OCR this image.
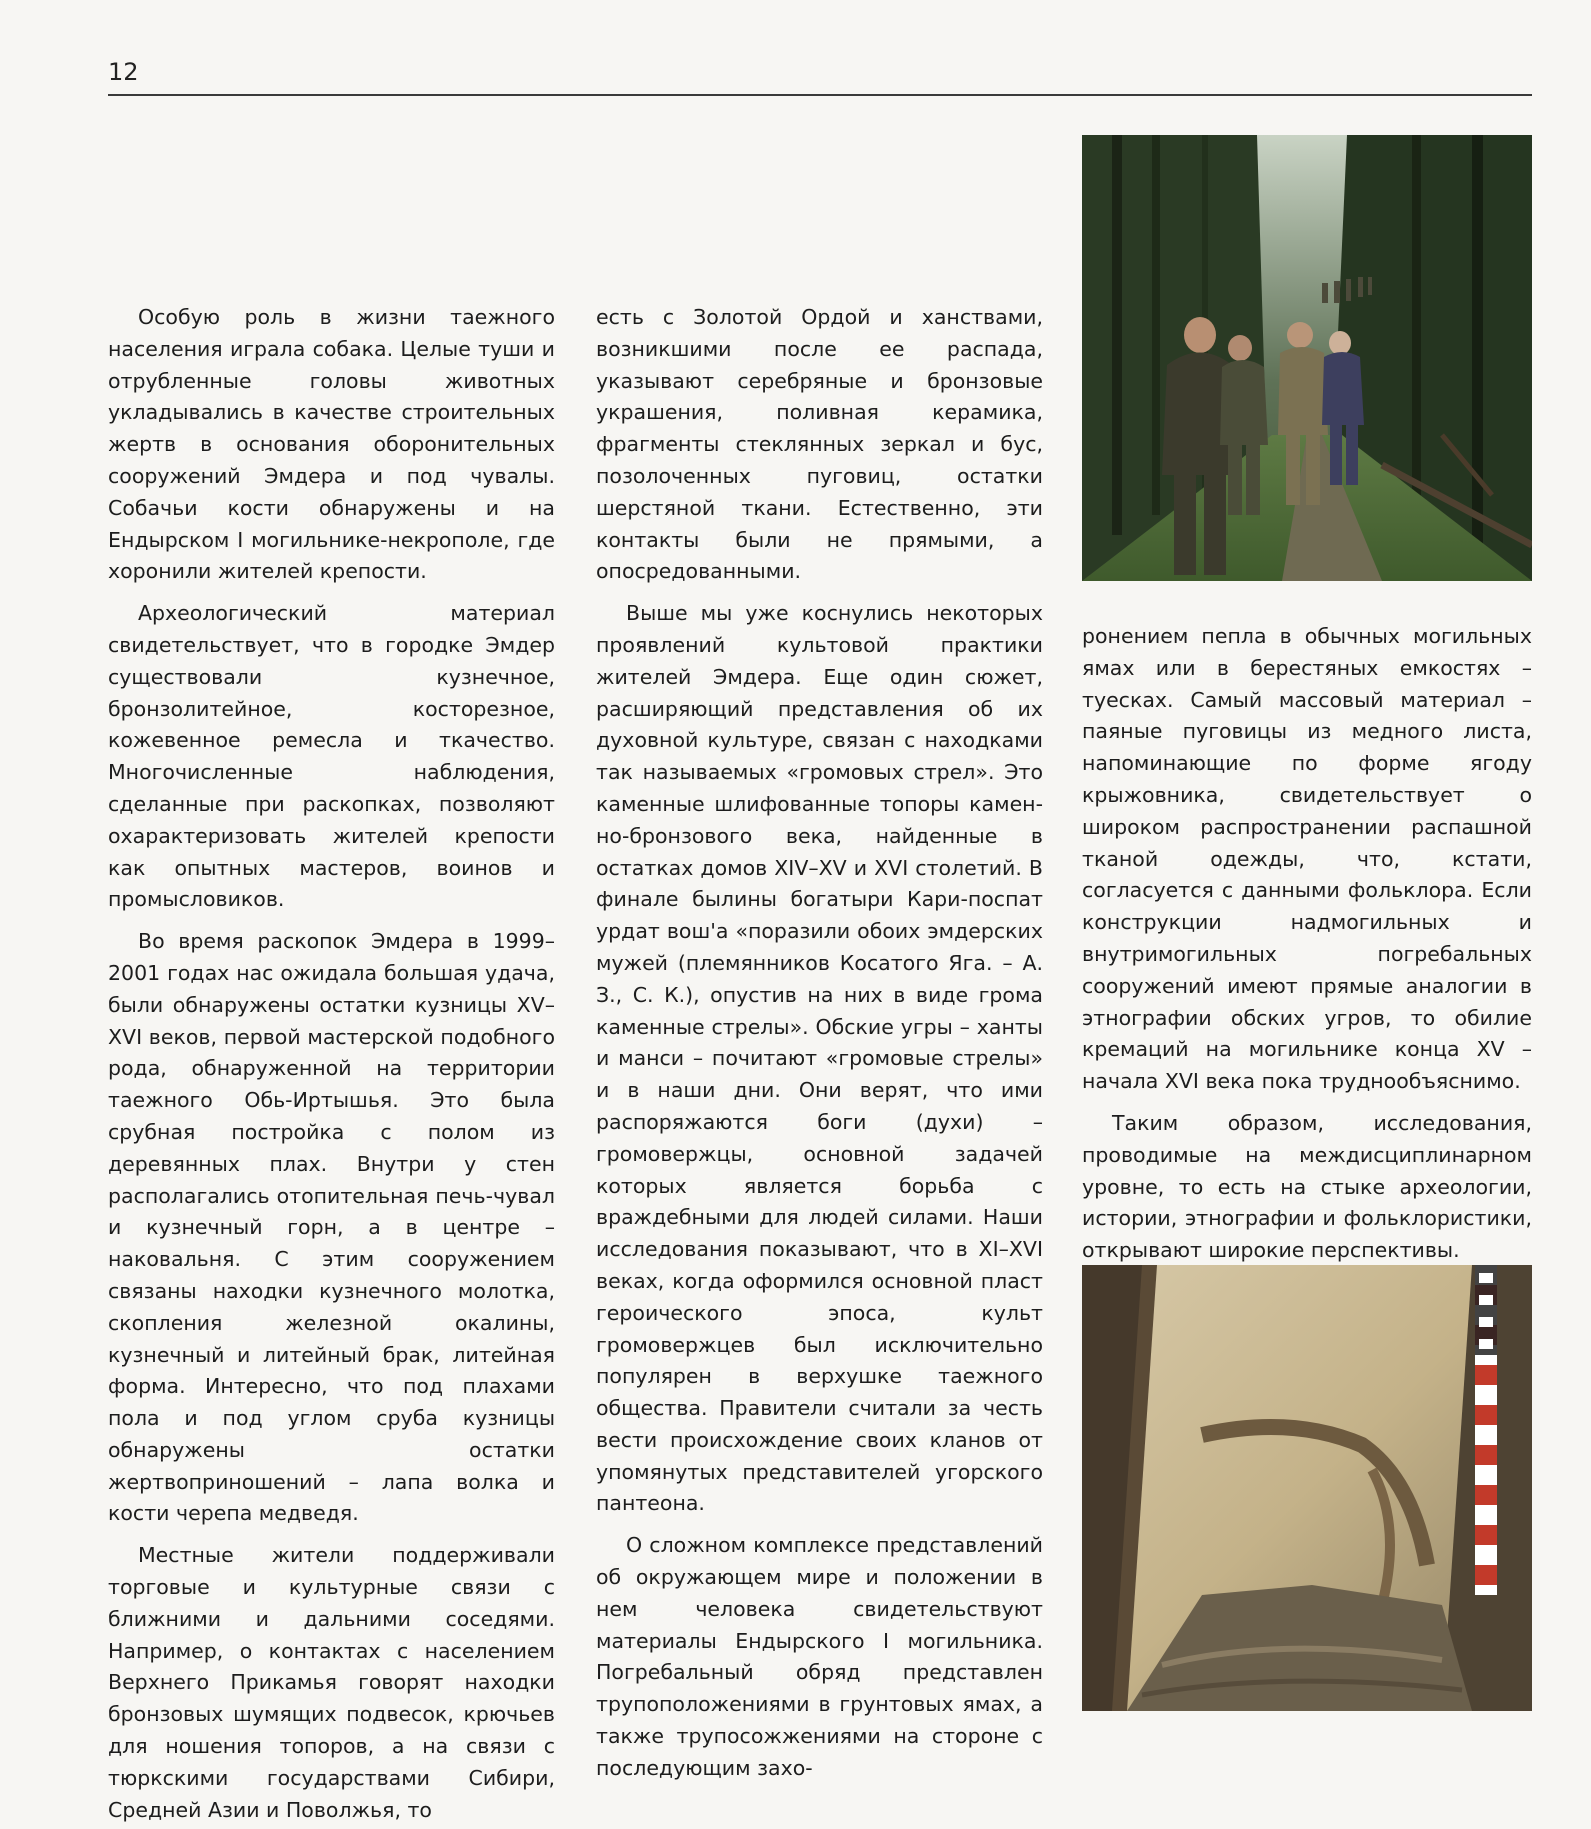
12

Особую роль в жизни таежного населения играла собака. Целые туши и отрубленные головы животных укладывались в качестве строительных жертв в основания оборонительных сооружений Эмдера и под чувалы. Собачьи кости обнаружены и на Ендырском I могильнике-некрополе, где хоронили жителей крепости.

Археологический материал свидетельствует, что в городке Эмдер существовали кузнечное, бронзолитейное, косторезное, кожевенное ремесла и ткачество. Многочисленные наблюдения, сделанные при раскопках, позволяют охарактеризовать жителей крепости как опытных мастеров, воинов и промысловиков.

Во время раскопок Эмдера в 1999–2001 годах нас ожидала большая удача, были обнаружены остатки кузницы XV–XVI веков, первой мастерской подобного рода, обнаруженной на территории таежного Обь-Иртышья. Это была срубная постройка с полом из деревянных плах. Внутри у стен располагались отопительная печь-чувал и кузнечный горн, а в центре – наковальня. С этим сооружением связаны находки кузнечного молотка, скопления железной окалины, кузнечный и литейный брак, литейная форма. Интересно, что под плахами пола и под углом сруба кузницы обнаружены остатки жертвоприношений – лапа волка и кости черепа медведя.

Местные жители поддерживали торговые и культурные связи с ближними и дальними соседями. Например, о контактах с населением Верхнего Прикамья говорят находки бронзовых шумящих подвесок, крючьев для ношения топоров, а на связи с тюркскими государствами Сибири, Средней Азии и Поволжья, то

есть с Золотой Ордой и ханствами, возникшими после ее распада, указывают серебряные и бронзовые украшения, поливная керамика, фрагменты стеклянных зеркал и бус, позолоченных пуговиц, остатки шерстяной ткани. Естественно, эти контакты были не прямыми, а опосредованными.

Выше мы уже коснулись некоторых проявлений культовой практики жителей Эмдера. Еще один сюжет, расширяющий представления об их духовной культуре, связан с находками так называемых «громовых стрел». Это каменные шлифованные топоры каменно-бронзового века, найденные в остатках домов XIV–XV и XVI столетий. В финале былины богатыри Кари-поспат урдат вош'а «поразили обоих эмдерских мужей (племянников Косатого Яга. – А. З., С. К.), опустив на них в виде грома каменные стрелы». Обские угры – ханты и манси – почитают «громовые стрелы» и в наши дни. Они верят, что ими распоряжаются боги (духи) – громовержцы, основной задачей которых является борьба с враждебными для людей силами. Наши исследования показывают, что в XI–XVI веках, когда оформился основной пласт героического эпоса, культ громовержцев был исключительно популярен в верхушке таежного общества. Правители считали за честь вести происхождение своих кланов от упомянутых представителей угорского пантеона.

О сложном комплексе представлений об окружающем мире и положении в нем человека свидетельствуют материалы Ендырского I могильника. Погребальный обряд представлен трупоположениями в грунтовых ямах, а также трупосожжениями на стороне с последующим захо-

ронением пепла в обычных могильных ямах или в берестяных емкостях – туесках. Самый массовый материал – паяные пуговицы из медного листа, напоминающие по форме ягоду крыжовника, свидетельствует о широком распространении распашной тканой одежды, что, кстати, согласуется с данными фольклора. Если конструкции надмогильных и внутримогильных погребальных сооружений имеют прямые аналогии в этнографии обских угров, то обилие кремаций на могильнике конца XV – начала XVI века пока труднообъяснимо.

Таким образом, исследования, проводимые на междисциплинарном уровне, то есть на стыке археологии, истории, этнографии и фольклористики, открывают широкие перспективы.
